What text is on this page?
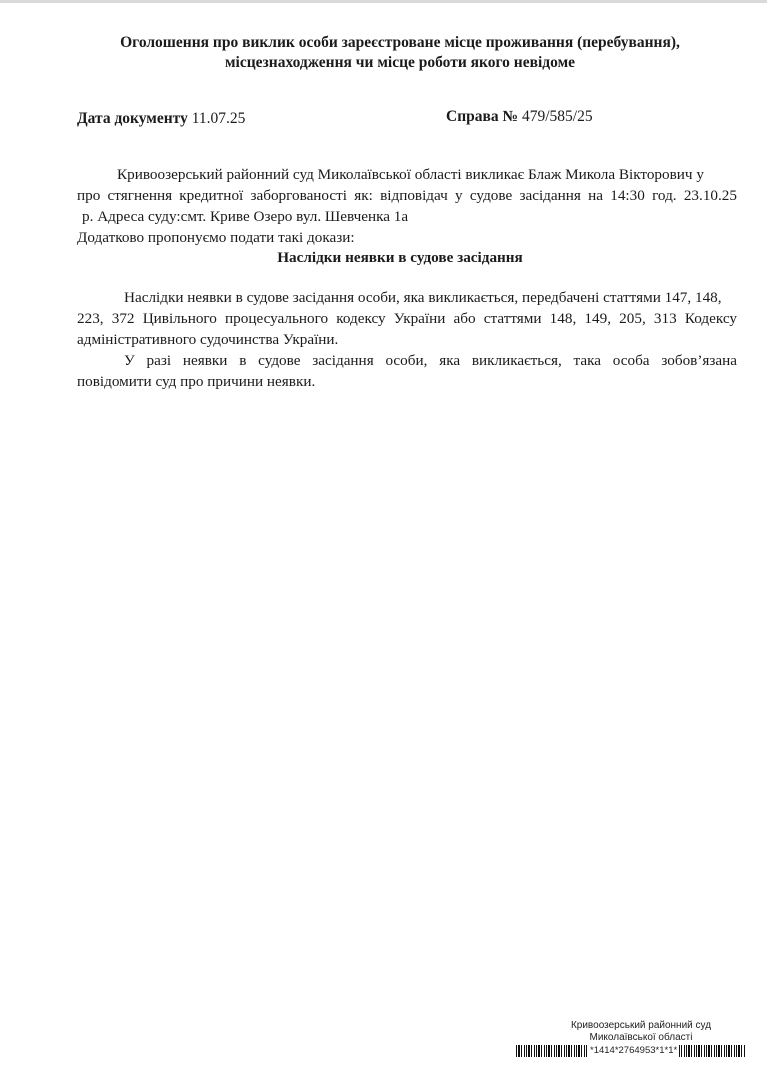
Оголошення про виклик особи зареєстроване місце проживання (перебування),
місцезнаходження чи місце роботи якого невідоме
Дата документу 11.07.25	Справа № 479/585/25
Кривоозерський районний суд Миколаївської області викликає Блаж Микола Вікторович у
про стягнення кредитної заборгованості як: відповідач у судове засідання на 14:30 год. 23.10.25
р. Адреса суду:смт. Криве Озеро вул. Шевченка 1а
Додатково пропонуємо подати такі докази:
Наслідки неявки в судове засідання
Наслідки неявки в судове засідання особи, яка викликається, передбачені статтями 147, 148,
223, 372 Цивільного процесуального кодексу України або статтями 148, 149, 205, 313 Кодексу
адміністративного судочинства України.
У разі неявки в судове засідання особи, яка викликається, така особа зобов’язана
повідомити суд про причини неявки.
Кривоозерський районний суд
Миколаївської області
*1414*2764953*1*1*
